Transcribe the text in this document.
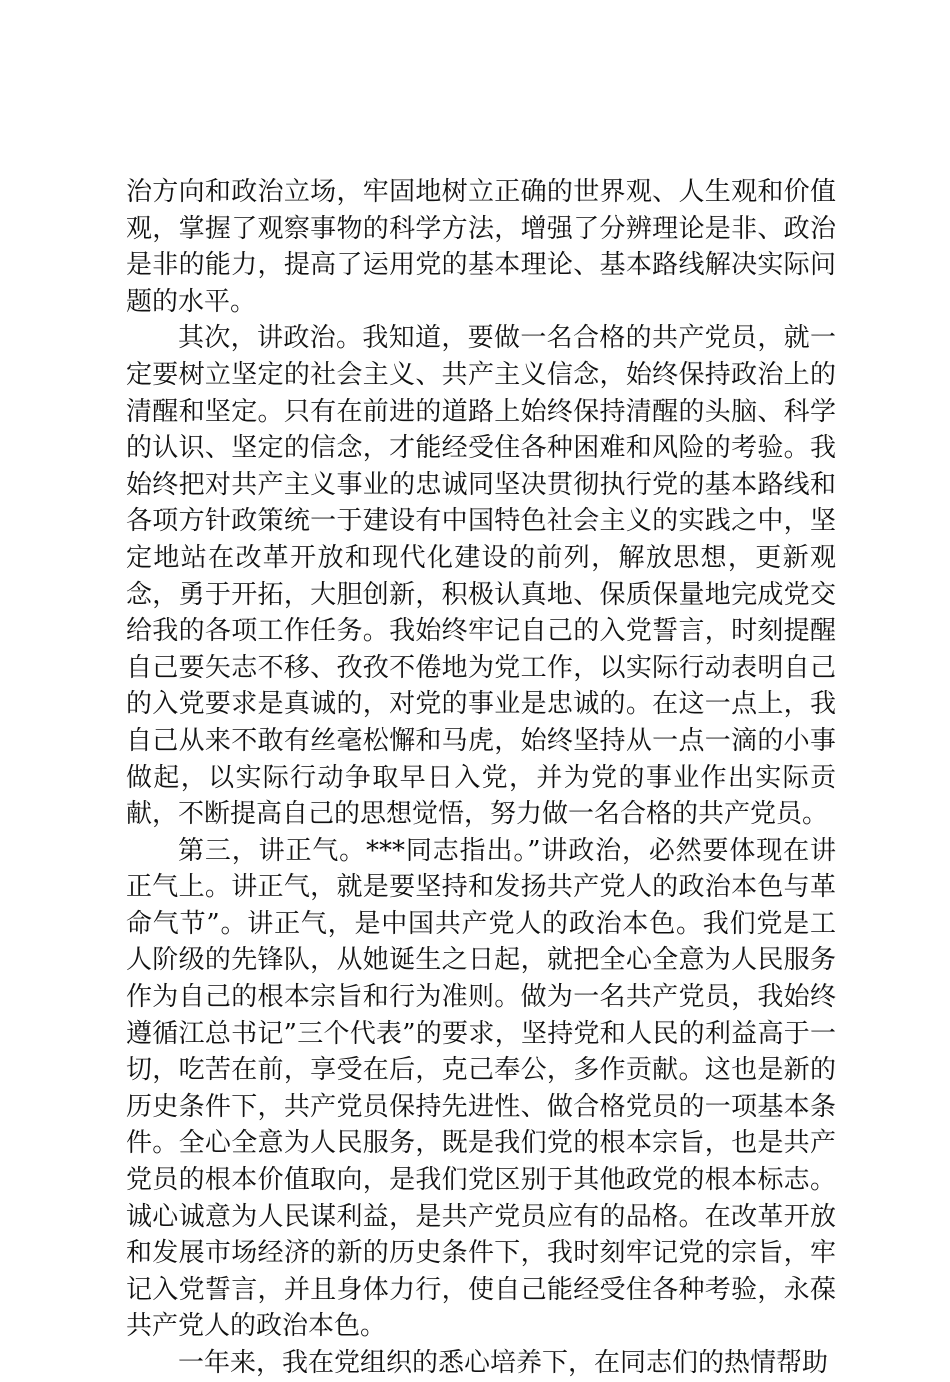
治方向和政治立场，牢固地树立正确的世界观、人生观和价值观，掌握了观察事物的科学方法，增强了分辨理论是非、政治是非的能力，提高了运用党的基本理论、基本路线解决实际问题的水平。

其次，讲政治。我知道，要做一名合格的共产党员，就一定要树立坚定的社会主义、共产主义信念，始终保持政治上的清醒和坚定。只有在前进的道路上始终保持清醒的头脑、科学的认识、坚定的信念，才能经受住各种困难和风险的考验。我始终把对共产主义事业的忠诚同坚决贯彻执行党的基本路线和各项方针政策统一于建设有中国特色社会主义的实践之中，坚定地站在改革开放和现代化建设的前列，解放思想，更新观念，勇于开拓，大胆创新，积极认真地、保质保量地完成党交给我的各项工作任务。我始终牢记自己的入党誓言，时刻提醒自己要矢志不移、孜孜不倦地为党工作，以实际行动表明自己的入党要求是真诚的，对党的事业是忠诚的。在这一点上，我自己从来不敢有丝毫松懈和马虎，始终坚持从一点一滴的小事做起，以实际行动争取早日入党，并为党的事业作出实际贡献，不断提高自己的思想觉悟，努力做一名合格的共产党员。

第三，讲正气。***同志指出。”讲政治，必然要体现在讲正气上。讲正气，就是要坚持和发扬共产党人的政治本色与革命气节”。讲正气，是中国共产党人的政治本色。我们党是工人阶级的先锋队，从她诞生之日起，就把全心全意为人民服务作为自己的根本宗旨和行为准则。做为一名共产党员，我始终遵循江总书记”三个代表”的要求，坚持党和人民的利益高于一切，吃苦在前，享受在后，克己奉公，多作贡献。这也是新的历史条件下，共产党员保持先进性、做合格党员的一项基本条件。全心全意为人民服务，既是我们党的根本宗旨，也是共产党员的根本价值取向，是我们党区别于其他政党的根本标志。诚心诚意为人民谋利益，是共产党员应有的品格。在改革开放和发展市场经济的新的历史条件下，我时刻牢记党的宗旨，牢记入党誓言，并且身体力行，使自己能经受住各种考验，永葆共产党人的政治本色。

一年来，我在党组织的悉心培养下，在同志们的热情帮助
